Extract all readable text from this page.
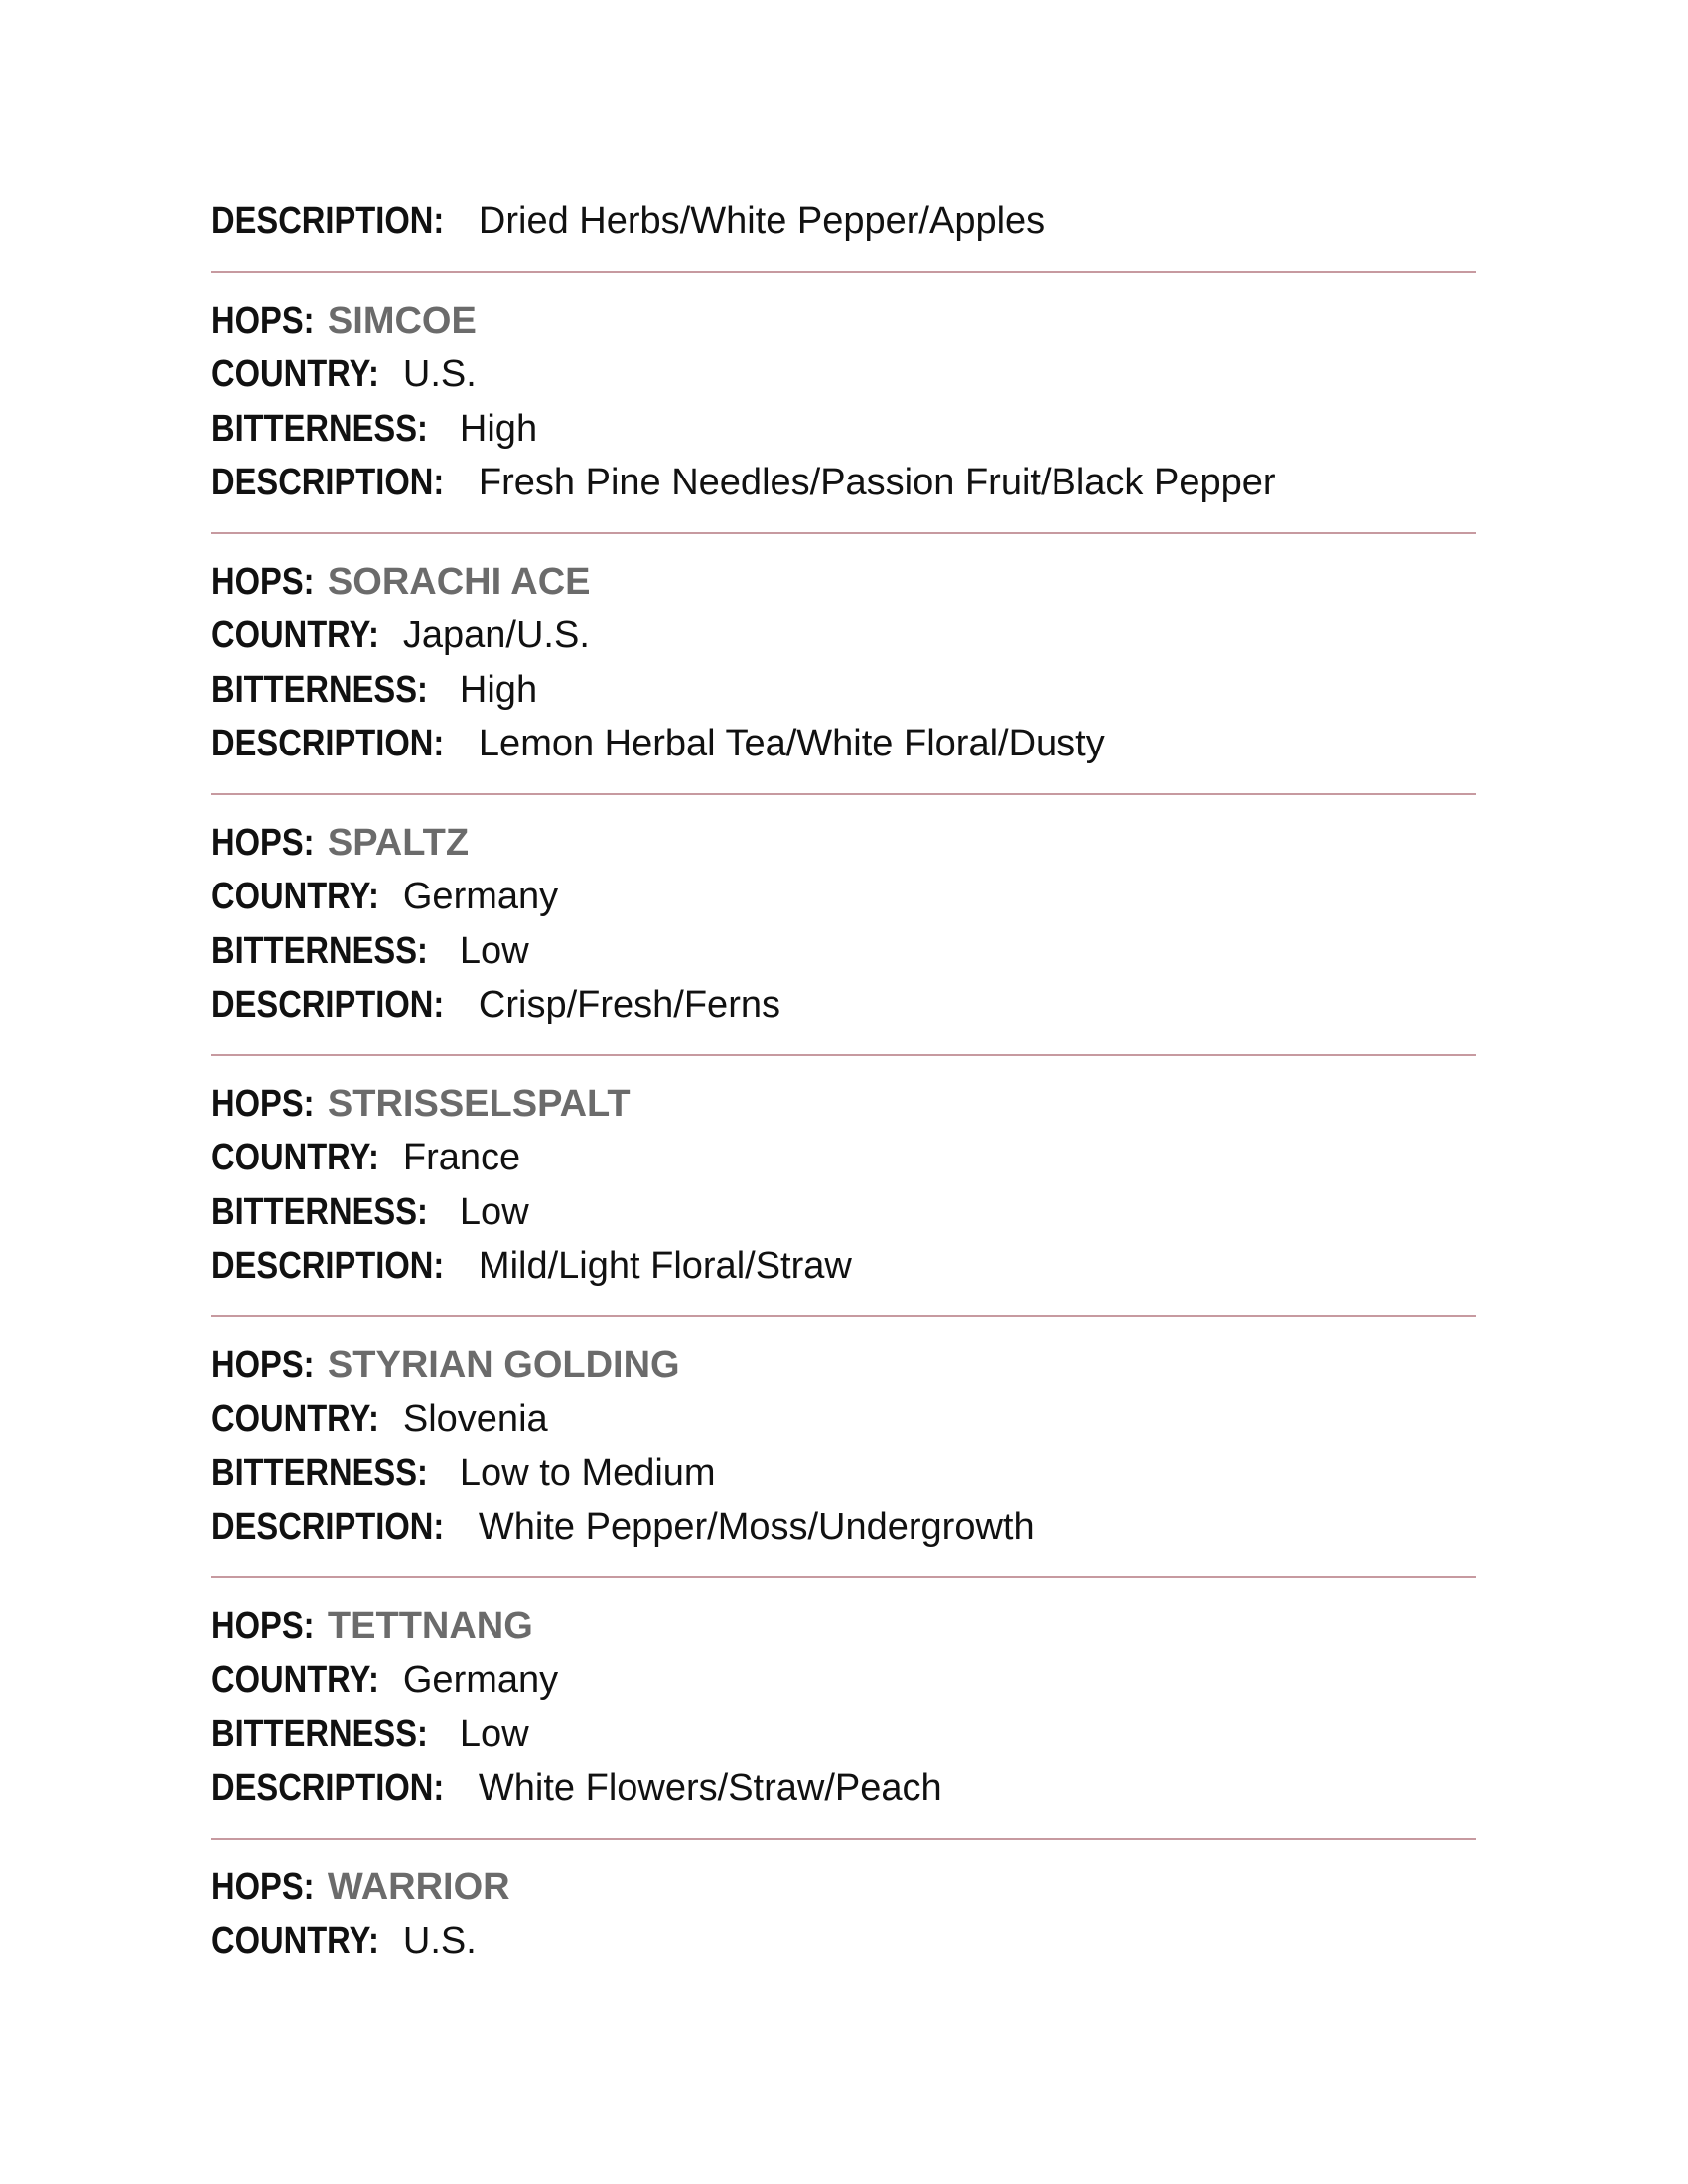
DESCRIPTION: Dried Herbs/White Pepper/Apples
HOPS: SIMCOE
COUNTRY: U.S.
BITTERNESS: High
DESCRIPTION: Fresh Pine Needles/Passion Fruit/Black Pepper
HOPS: SORACHI ACE
COUNTRY: Japan/U.S.
BITTERNESS: High
DESCRIPTION: Lemon Herbal Tea/White Floral/Dusty
HOPS: SPALTZ
COUNTRY: Germany
BITTERNESS: Low
DESCRIPTION: Crisp/Fresh/Ferns
HOPS: STRISSELSPALT
COUNTRY: France
BITTERNESS: Low
DESCRIPTION: Mild/Light Floral/Straw
HOPS: STYRIAN GOLDING
COUNTRY: Slovenia
BITTERNESS: Low to Medium
DESCRIPTION: White Pepper/Moss/Undergrowth
HOPS: TETTNANG
COUNTRY: Germany
BITTERNESS: Low
DESCRIPTION: White Flowers/Straw/Peach
HOPS: WARRIOR
COUNTRY: U.S.
